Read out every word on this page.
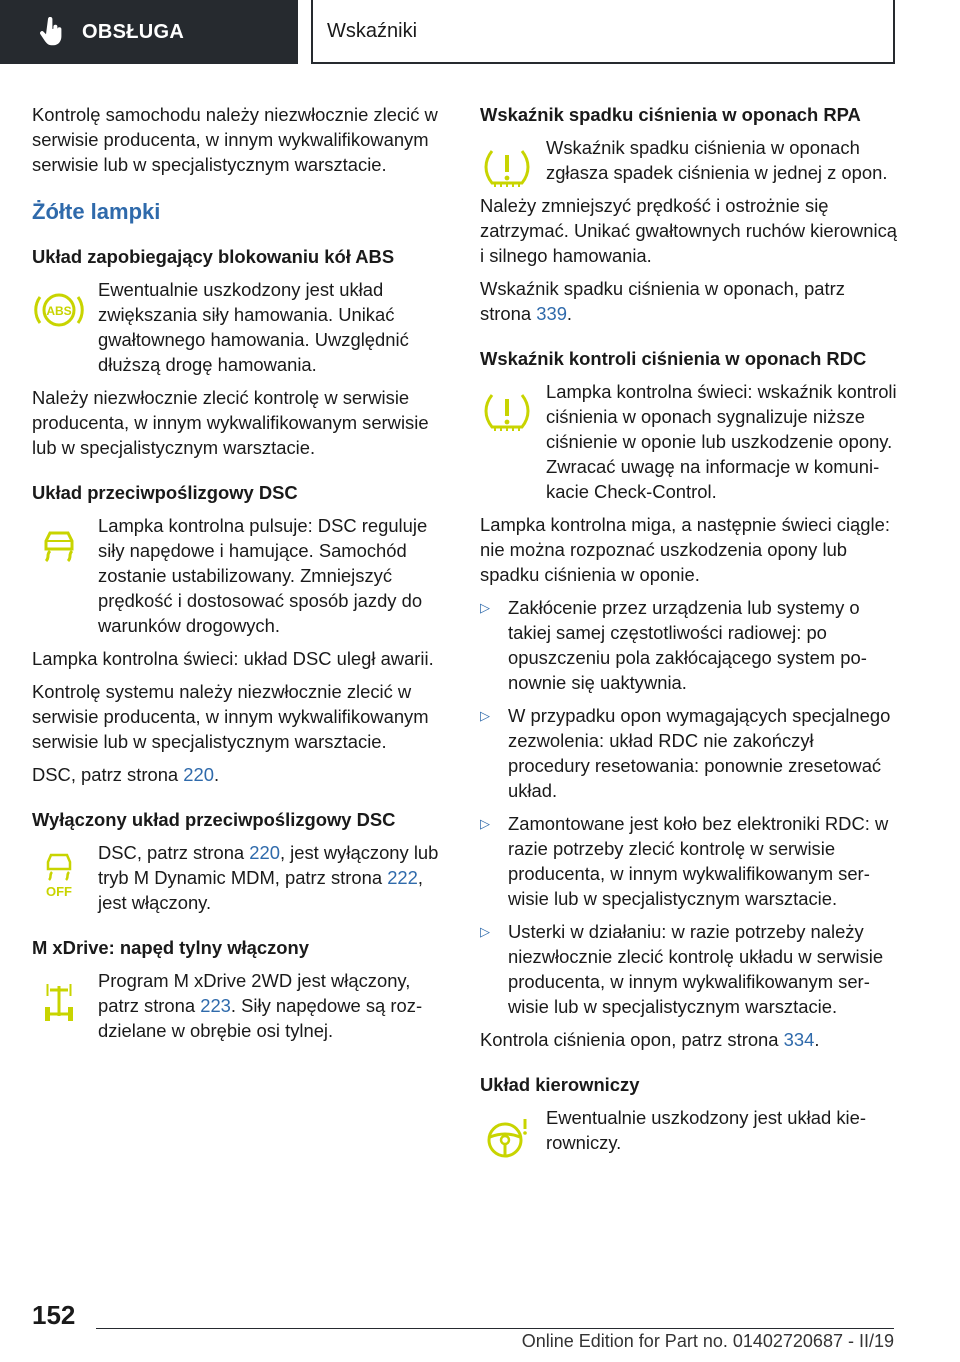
OBSŁUGA	Wskaźniki

Kontrolę samochodu należy niezwłocznie zlecić w serwisie producenta, w innym wykwalifikowanym serwisie lub w specjalistycznym warsztacie.

Żółte lampki
Układ zapobiegający blokowaniu kół ABS
ABS
Ewentualnie uszkodzony jest układ zwiększania siły hamowania. Unikać gwałtownego hamowania. Uwzględnić dłuższą drogę hamowania.

Należy niezwłocznie zlecić kontrolę w serwisie producenta, w innym wykwalifikowanym serwisie lub w specjalistycznym warsztacie.

Układ przeciwpoślizgowy DSC
Lampka kontrolna pulsuje: DSC reguluje siły napędowe i hamujące. Samochód zostanie ustabilizowany. Zmniejszyć prędkość i dostosować sposób jazdy do warunków drogowych.

Lampka kontrolna świeci: układ DSC uległ awarii.

Kontrolę systemu należy niezwłocznie zlecić w serwisie producenta, w innym wykwalifikowanym serwisie lub w specjalistycznym warsztacie.

DSC, patrz strona 220.

Wyłączony układ przeciwpoślizgowy DSC
OFF
DSC, patrz strona 220, jest wyłączony lub tryb M Dynamic MDM, patrz strona 222, jest włączony.
M xDrive: napęd tylny włączony
Program M xDrive 2WD jest włączony, patrz strona 223. Siły napędowe są rozdzielane w obrębie osi tylnej.
Wskaźnik spadku ciśnienia w oponach RPA
Wskaźnik spadku ciśnienia w oponach zgłasza spadek ciśnienia w jednej z opon.

Należy zmniejszyć prędkość i ostrożnie się zatrzymać. Unikać gwałtownych ruchów kierownicą i silnego hamowania.

Wskaźnik spadku ciśnienia w oponach, patrz strona 339.

Wskaźnik kontroli ciśnienia w oponach RDC
Lampka kontrolna świeci: wskaźnik kontroli ciśnienia w oponach sygnalizuje niższe ciśnienie w oponie lub uszkodzenie opony. Zwracać uwagę na informacje w komunikacie Check-Control.

Lampka kontrolna miga, a następnie świeci ciągle: nie można rozpoznać uszkodzenia opony lub spadku ciśnienia w oponie.

▷ Zakłócenie przez urządzenia lub systemy o takiej samej częstotliwości radiowej: po opuszczeniu pola zakłócającego system ponownie się uaktywnia.
▷ W przypadku opon wymagających specjalnego zezwolenia: układ RDC nie zakończył procedury resetowania: ponownie zresetować układ.
▷ Zamontowane jest koło bez elektroniki RDC: w razie potrzeby zlecić kontrolę w serwisie producenta, w innym wykwalifikowanym serwisie lub w specjalistycznym warsztacie.
▷ Usterki w działaniu: w razie potrzeby należy niezwłocznie zlecić kontrolę układu w serwisie producenta, w innym wykwalifikowanym serwisie lub w specjalistycznym warsztacie.

Kontrola ciśnienia opon, patrz strona 334.

Układ kierowniczy
Ewentualnie uszkodzony jest układ kierowniczy.
152
Online Edition for Part no. 01402720687 - II/19
